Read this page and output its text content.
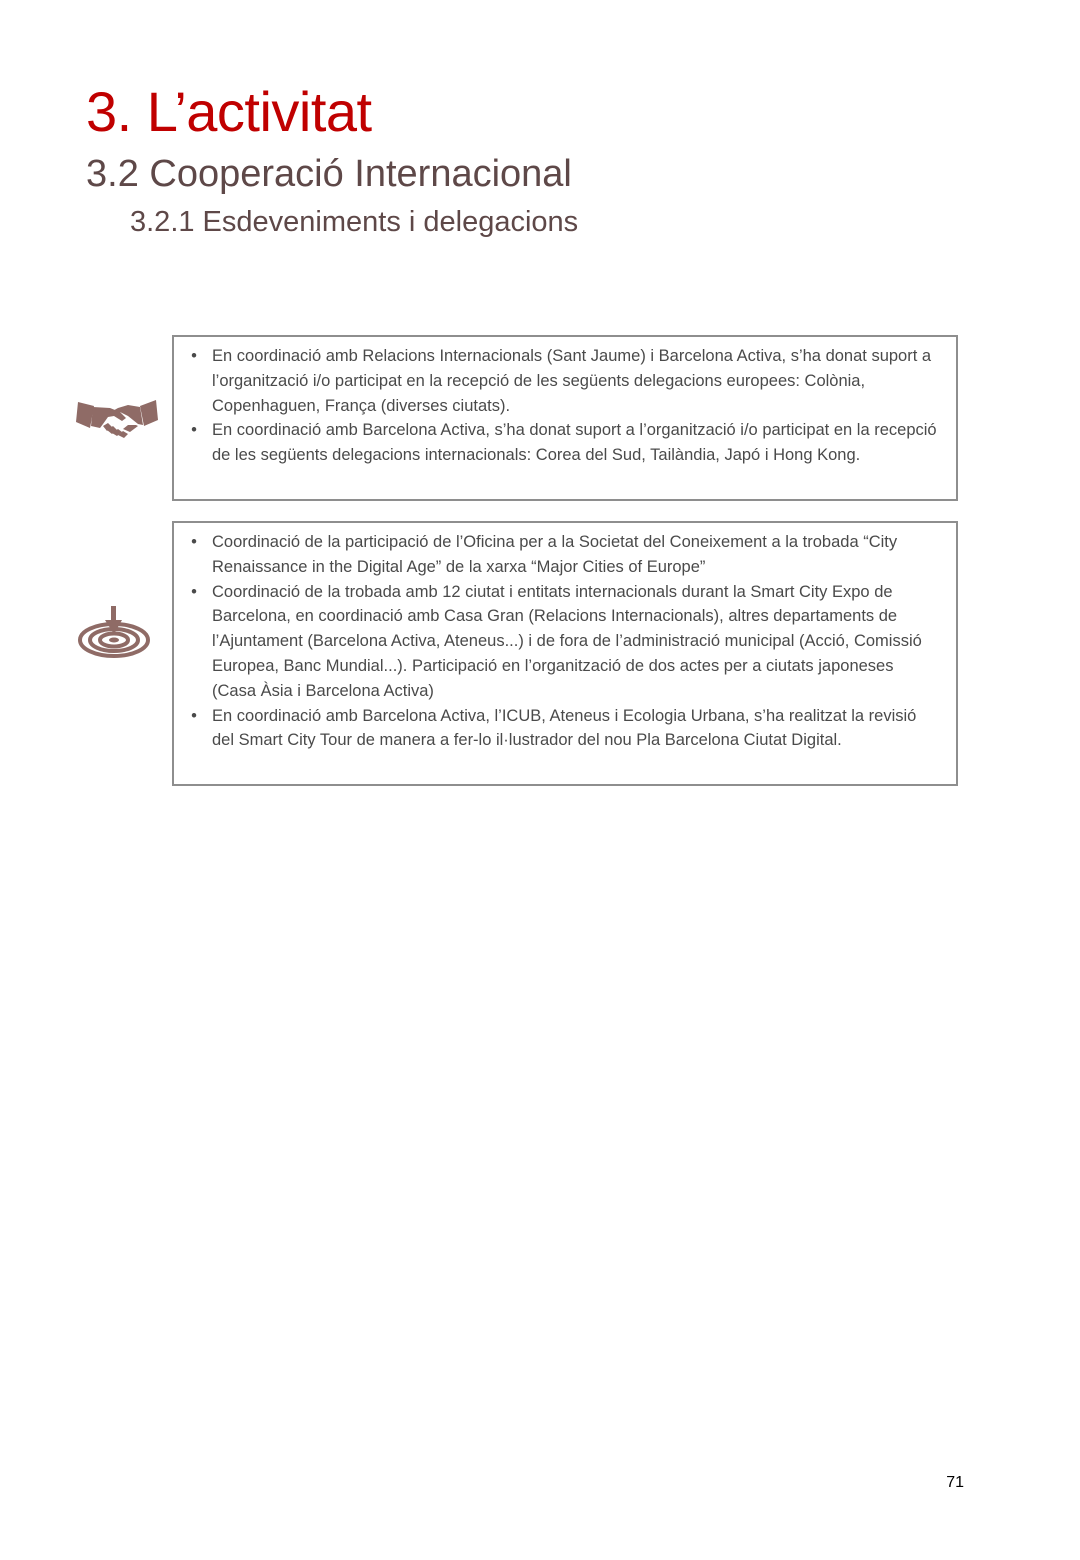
3. L’activitat
3.2 Cooperació Internacional
3.2.1 Esdeveniments i delegacions
• En coordinació amb Relacions Internacionals (Sant Jaume) i Barcelona Activa, s’ha donat suport a l’organització i/o participat en la recepció de les següents delegacions europees: Colònia, Copenhaguen, França (diverses ciutats).
• En coordinació amb Barcelona Activa, s’ha donat suport a l’organització i/o participat en la recepció de les següents delegacions internacionals: Corea del Sud, Tailàndia, Japó i Hong Kong.
• Coordinació de la participació de l’Oficina per a la Societat del Coneixement a la trobada “City Renaissance in the Digital Age” de la xarxa “Major Cities of Europe”
• Coordinació de la trobada amb 12 ciutat i entitats internacionals durant la Smart City Expo de Barcelona, en coordinació amb Casa Gran (Relacions Internacionals), altres departaments de l’Ajuntament (Barcelona Activa, Ateneus...) i de fora de l’administració municipal (Acció, Comissió Europea, Banc Mundial...). Participació en l’organització de dos actes per a ciutats japoneses (Casa Àsia i Barcelona Activa)
• En coordinació amb Barcelona Activa, l’ICUB, Ateneus i Ecologia Urbana, s’ha realitzat la revisió del Smart City Tour de manera a fer-lo il·lustrador del nou Pla Barcelona Ciutat Digital.
71
